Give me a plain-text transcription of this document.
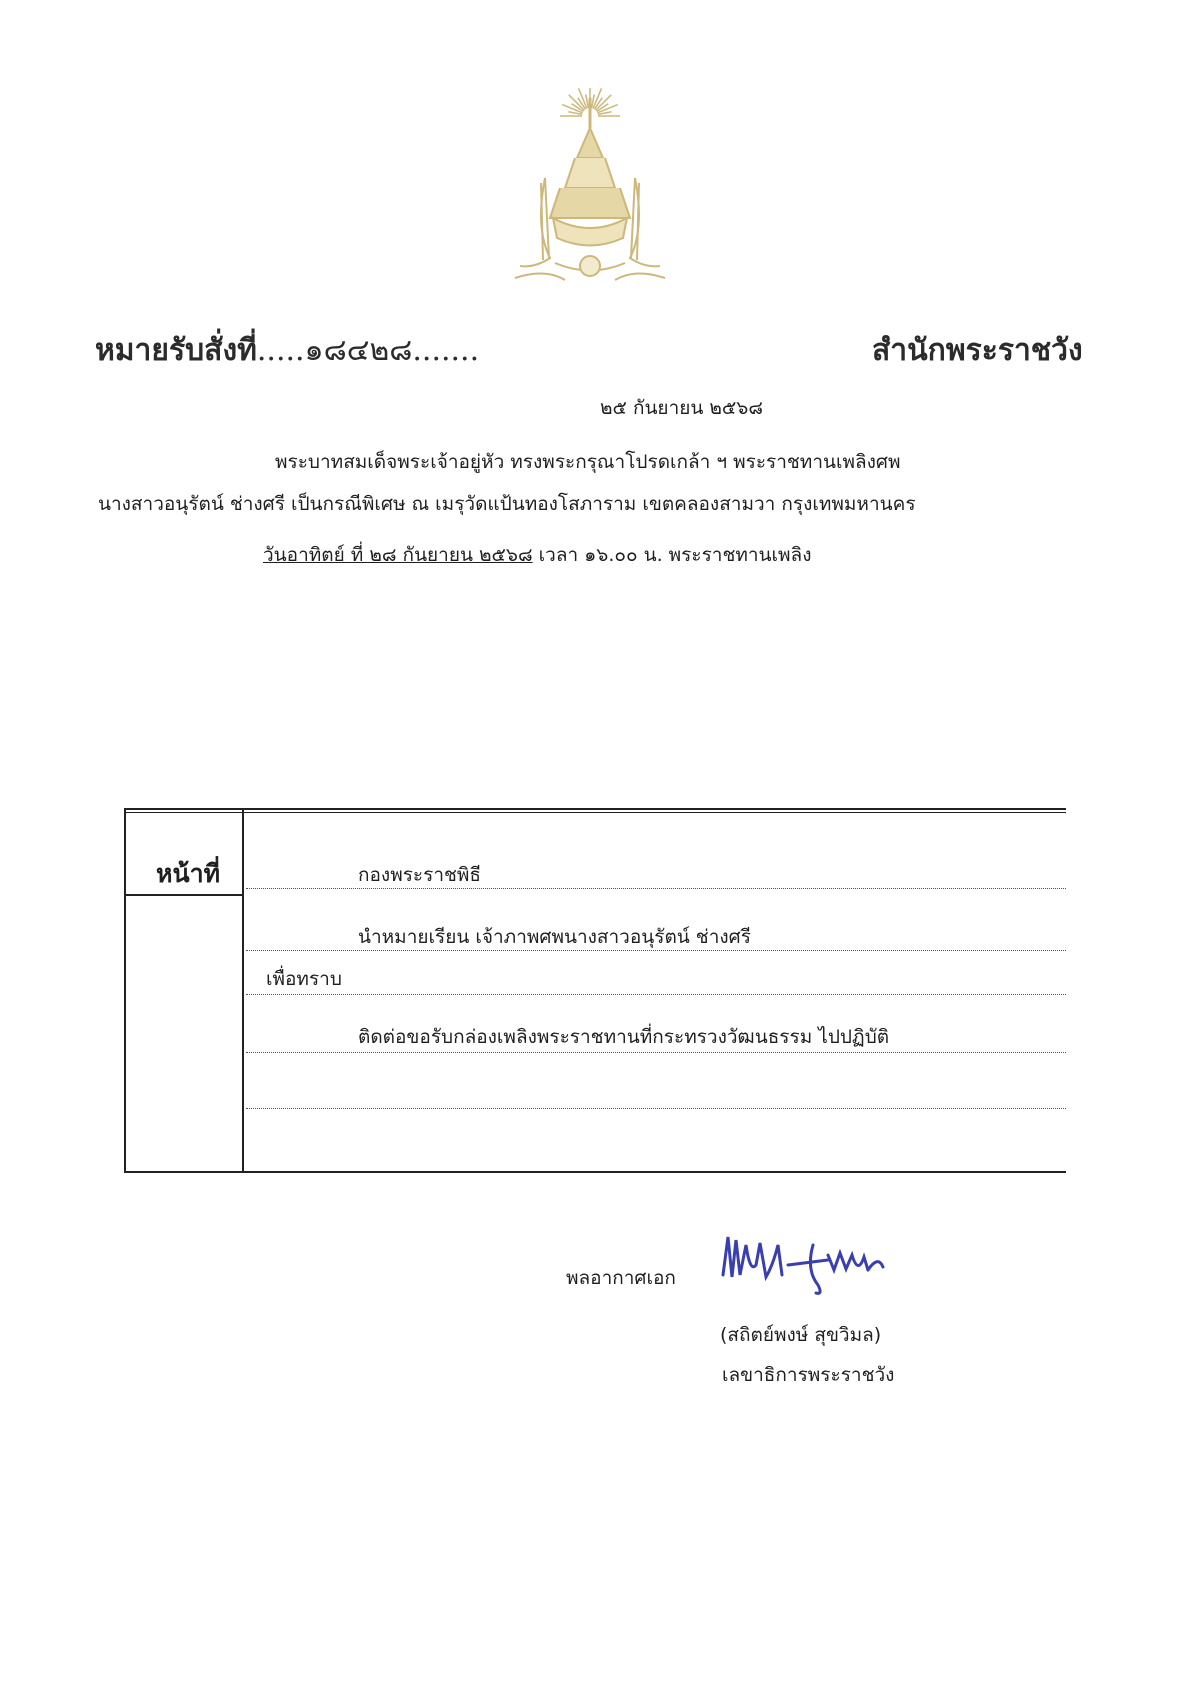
หมายรับสั่งที่.....๑๘๔๒๘.......	สำนักพระราชวัง
๒๕ กันยายน ๒๕๖๘
พระบาทสมเด็จพระเจ้าอยู่หัว ทรงพระกรุณาโปรดเกล้า ฯ พระราชทานเพลิงศพ
นางสาวอนุรัตน์ ช่างศรี เป็นกรณีพิเศษ ณ เมรุวัดแป้นทองโสภาราม เขตคลองสามวา กรุงเทพมหานคร
วันอาทิตย์ ที่ ๒๘ กันยายน ๒๕๖๘ เวลา ๑๖.๐๐ น. พระราชทานเพลิง
หน้าที่	กองพระราชพิธี
นำหมายเรียน เจ้าภาพศพนางสาวอนุรัตน์ ช่างศรี
เพื่อทราบ
ติดต่อขอรับกล่องเพลิงพระราชทานที่กระทรวงวัฒนธรรม ไปปฏิบัติ
พลอากาศเอก
(สถิตย์พงษ์ สุขวิมล)
เลขาธิการพระราชวัง
